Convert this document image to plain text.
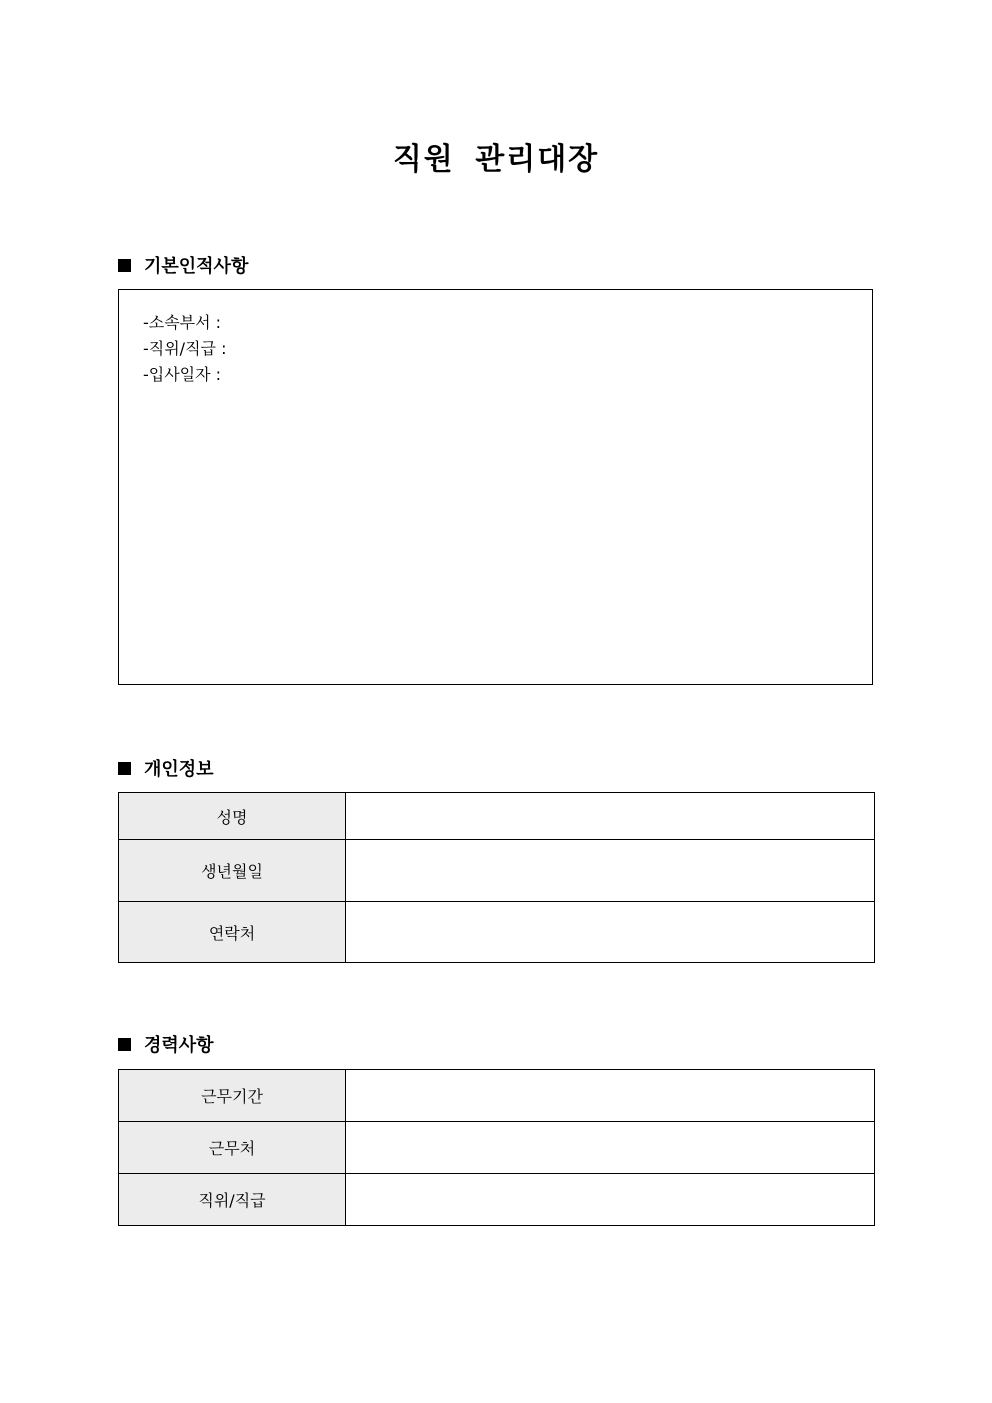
직원 관리대장
기본인적사항
-소속부서 :
-직위/직급 :
-입사일자 :
개인정보
성명	
생년월일	
연락처	
경력사항
근무기간	
근무처	
직위/직급	
